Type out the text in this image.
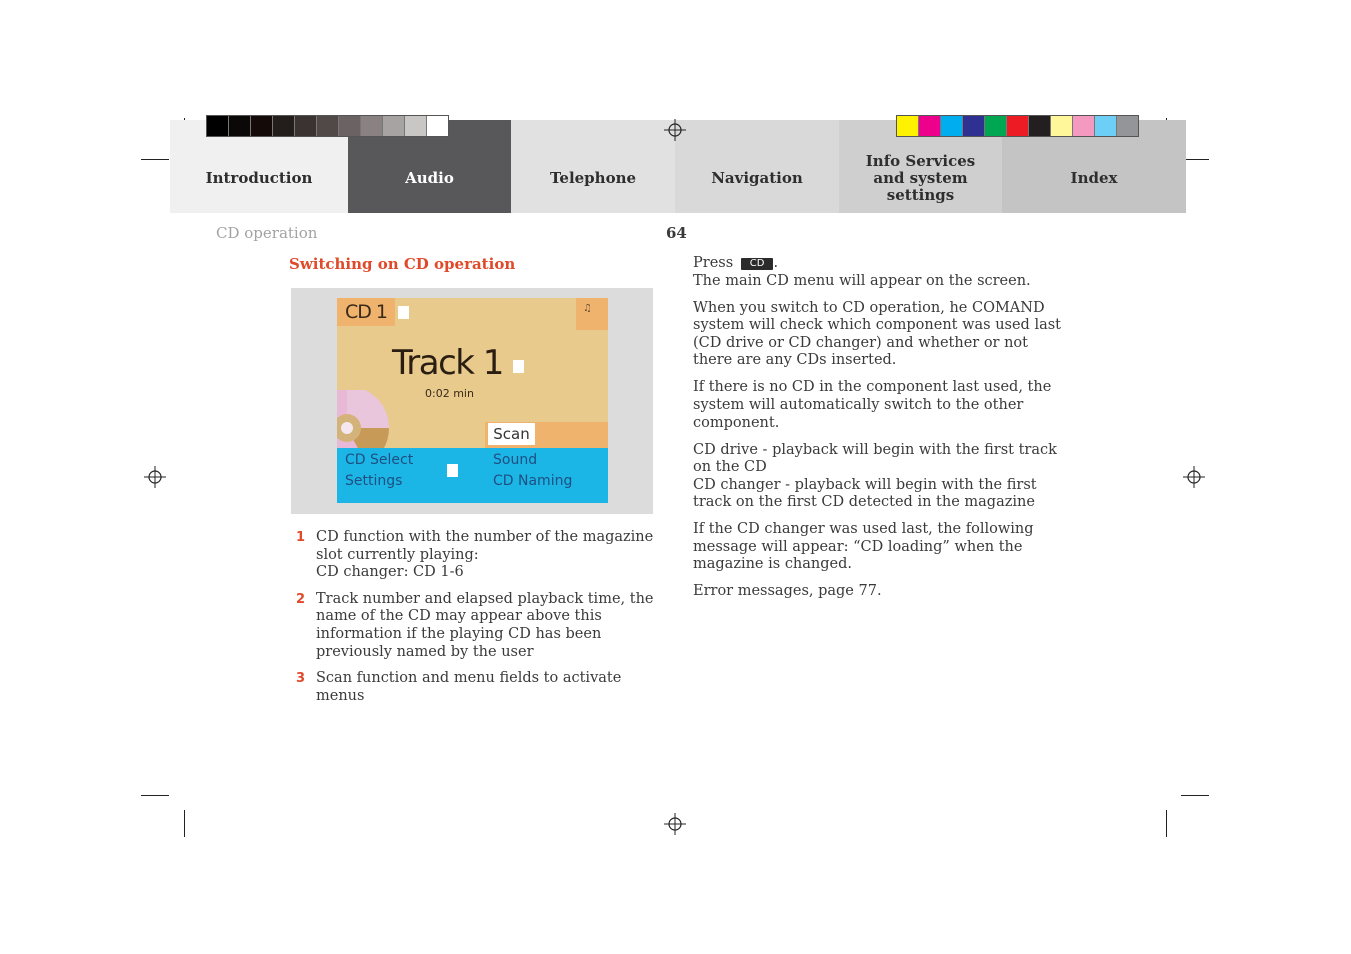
Introduction	Audio	Telephone	Navigation
Info Services and system settings
Index
CD operation	64
Switching on CD operation
CD 1	♫
Track 1
0:02 min
Scan
CD Select
Settings
Sound
CD Naming
1 CD function with the number of the magazine slot currently playing:
CD changer: CD 1-6
2 Track number and elapsed playback time, the name of the CD may appear above this information if the playing CD has been previously named by the user
3 Scan function and menu fields to activate menus

Press CD .
The main CD menu will appear on the screen.

When you switch to CD operation, he COMAND system will check which component was used last (CD drive or CD changer) and whether or not there are any CDs inserted.

If there is no CD in the component last used, the system will automatically switch to the other component.

CD drive - playback will begin with the first track on the CD
CD changer - playback will begin with the first track on the first CD detected in the magazine

If the CD changer was used last, the following message will appear: “CD loading” when the magazine is changed.

Error messages, page 77.
